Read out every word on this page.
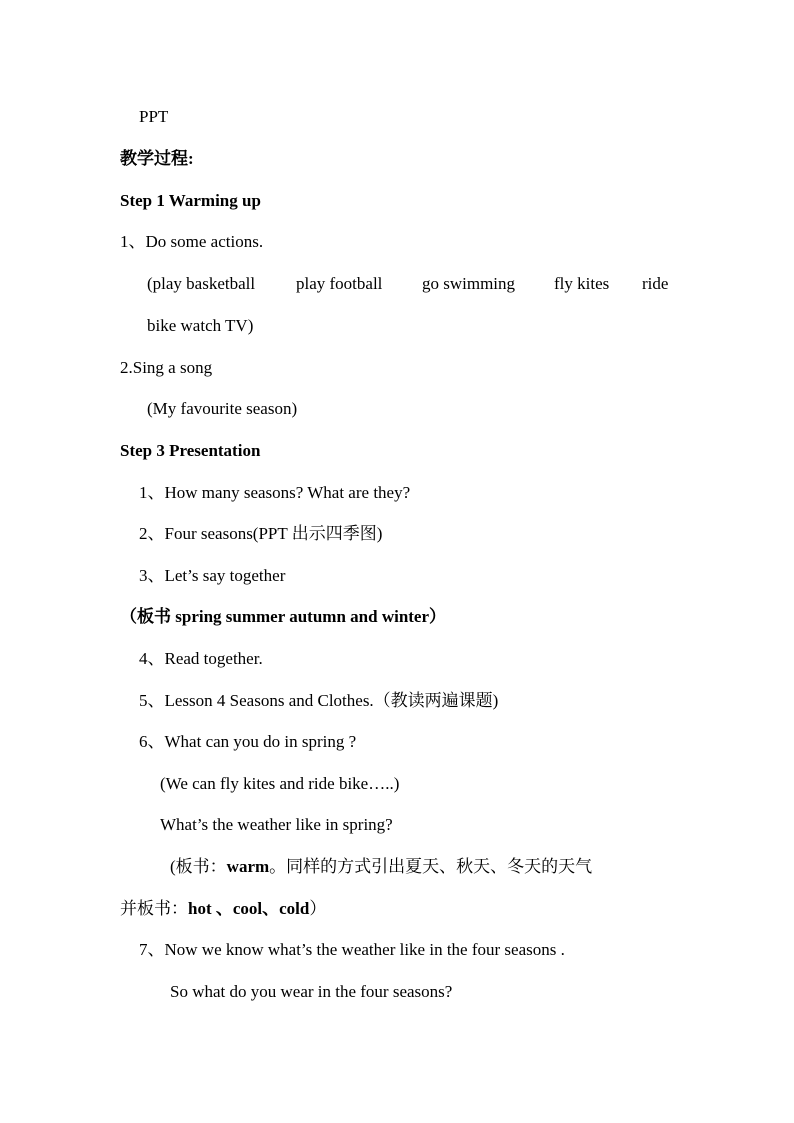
PPT
教学过程:
Step 1 Warming up
1、Do some actions.
(play basketball play football go swimming fly kites ride
bike watch TV)
2.Sing a song
(My favourite season)
Step 3 Presentation
1、How many seasons? What are they?
2、Four seasons(PPT 出示四季图)
3、Let’s say together
（板书 spring summer autumn and winter）
4、Read together.
5、Lesson 4 Seasons and Clothes.（教读两遍课题)
6、What can you do in spring ?
(We can fly kites and ride bike…..)
What’s the weather like in spring?
(板书：warm。同样的方式引出夏天、秋天、冬天的天气
并板书：hot 、cool、cold）
7、Now we know what’s the weather like in the four seasons .
So what do you wear in the four seasons?
